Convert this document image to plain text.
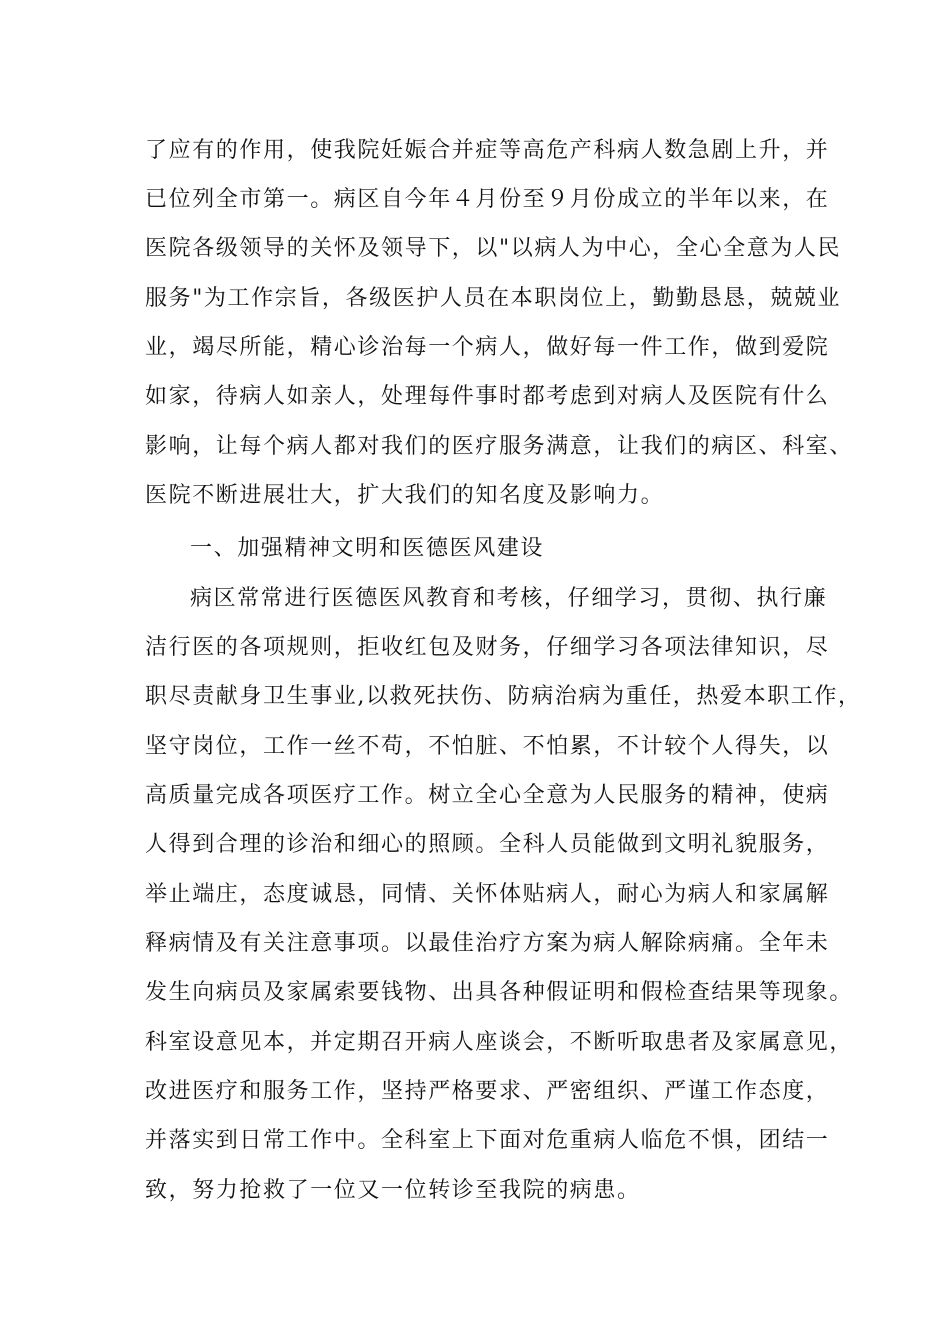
了应有的作用，使我院妊娠合并症等高危产科病人数急剧上升，并
已位列全市第一。病区自今年４月份至９月份成立的半年以来，在
医院各级领导的关怀及领导下，以"以病人为中心，全心全意为人民
服务"为工作宗旨，各级医护人员在本职岗位上，勤勤恳恳，兢兢业
业，竭尽所能，精心诊治每一个病人，做好每一件工作，做到爱院
如家，待病人如亲人，处理每件事时都考虑到对病人及医院有什么
影响，让每个病人都对我们的医疗服务满意，让我们的病区、科室、
医院不断进展壮大，扩大我们的知名度及影响力。
一、加强精神文明和医德医风建设
病区常常进行医德医风教育和考核，仔细学习，贯彻、执行廉
洁行医的各项规则，拒收红包及财务，仔细学习各项法律知识，尽
职尽责献身卫生事业,以救死扶伤、防病治病为重任，热爱本职工作，
坚守岗位，工作一丝不苟，不怕脏、不怕累，不计较个人得失，以
高质量完成各项医疗工作。树立全心全意为人民服务的精神，使病
人得到合理的诊治和细心的照顾。全科人员能做到文明礼貌服务，
举止端庄，态度诚恳，同情、关怀体贴病人，耐心为病人和家属解
释病情及有关注意事项。以最佳治疗方案为病人解除病痛。全年未
发生向病员及家属索要钱物、出具各种假证明和假检查结果等现象。
科室设意见本，并定期召开病人座谈会，不断听取患者及家属意见，
改进医疗和服务工作，坚持严格要求、严密组织、严谨工作态度，
并落实到日常工作中。全科室上下面对危重病人临危不惧，团结一
致，努力抢救了一位又一位转诊至我院的病患。
